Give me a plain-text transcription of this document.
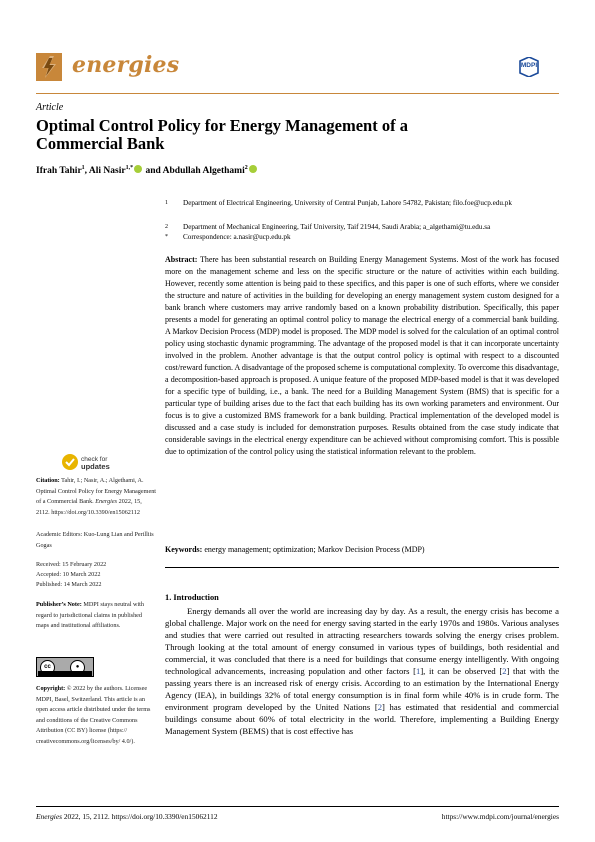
energies	MDPI
Article
Optimal Control Policy for Energy Management of a Commercial Bank
Ifrah Tahir$^1$, Ali Nasir$^{1,*}$ and Abdullah Algethami$^2$
1	Department of Electrical Engineering, University of Central Punjab, Lahore 54782, Pakistan; filo.foe@ucp.edu.pk
2	Department of Mechanical Engineering, Taif University, Taif 21944, Saudi Arabia; a_algethami@tu.edu.sa
*	Correspondence: a.nasir@ucp.edu.pk
Abstract: There has been substantial research on Building Energy Management Systems. Most of the work has focused more on the management scheme and less on the specific structure or the nature of activities within each building. However, recently some attention is being paid to these specifics, and this paper is one of such efforts, where we consider the structure and nature of activities in the building for developing an energy management system custom designed for a bank branch where customers may arrive randomly based on a known probability distribution. Specifically, this paper presents a model for generating an optimal control policy to manage the electrical energy of a commercial bank building. A Markov Decision Process (MDP) model is proposed. The MDP model is solved for the calculation of an optimal control policy using stochastic dynamic programming. The advantage of the proposed model is that it can incorporate uncertainty involved in the problem. Another advantage is that the output control policy is optimal with respect to a discounted cost/reward function. A disadvantage of the proposed scheme is computational complexity. To overcome this disadvantage, a decomposition-based approach is proposed. A unique feature of the proposed MDP-based model is that it was developed for a specific type of building, i.e., a bank. The need for a Building Management System (BMS) that is specific for a particular type of building arises due to the fact that each building has its own working parameters and environment. Our focus is to give a customized BMS framework for a bank building. Practical implementation of the developed model is discussed and a case study is included for demonstration purposes. Results obtained from the case study indicate that considerable savings in the electrical energy expenditure can be achieved without compromising comfort. This is possible due to optimization of the control policy using the statistical information relevant to the problem.
Keywords: energy management; optimization; Markov Decision Process (MDP)
1. Introduction

Energy demands all over the world are increasing day by day. As a result, the energy crisis has become a global challenge. Major work on the need for energy saving started in the early 1970s and 1980s. Various analyses and studies that were carried out resulted in attracting researchers towards solving the energy crises problem. Through looking at the total amount of energy consumed in various types of buildings, both residential and commercial, it was concluded that there is a need for buildings that consume energy intelligently. With ongoing technological advancements, increasing population and other factors [1], it can be observed [2] that with the passing years there is an increased risk of energy crisis. According to an estimation by the International Energy Agency (IEA), in buildings 32% of total energy consumption is in final form while 40% is in crude form. The environment program developed by the United Nations [2] has estimated that residential and commercial buildings consume about 60% of total electricity in the world. Therefore, implementing a Building Energy Management System (BEMS) that is cost effective has

check for
updates
Citation: Tahir, I.; Nasir, A.; Algethami, A. Optimal Control Policy for Energy Management of a Commercial Bank. Energies 2022, 15, 2112. https://doi.org/10.3390/en15062112
Academic Editors: Kuo-Lung Lian and Perilliis Gogas
Received: 15 February 2022
Accepted: 10 March 2022
Published: 14 March 2022
Publisher’s Note: MDPI stays neutral with regard to jurisdictional claims in published maps and institutional affiliations.
cc	●
Copyright: © 2022 by the authors. Licensee MDPI, Basel, Switzerland. This article is an open access article distributed under the terms and conditions of the Creative Commons Attribution (CC BY) license (https:// creativecommons.org/licenses/by/ 4.0/).
Energies 2022, 15, 2112. https://doi.org/10.3390/en15062112	https://www.mdpi.com/journal/energies
